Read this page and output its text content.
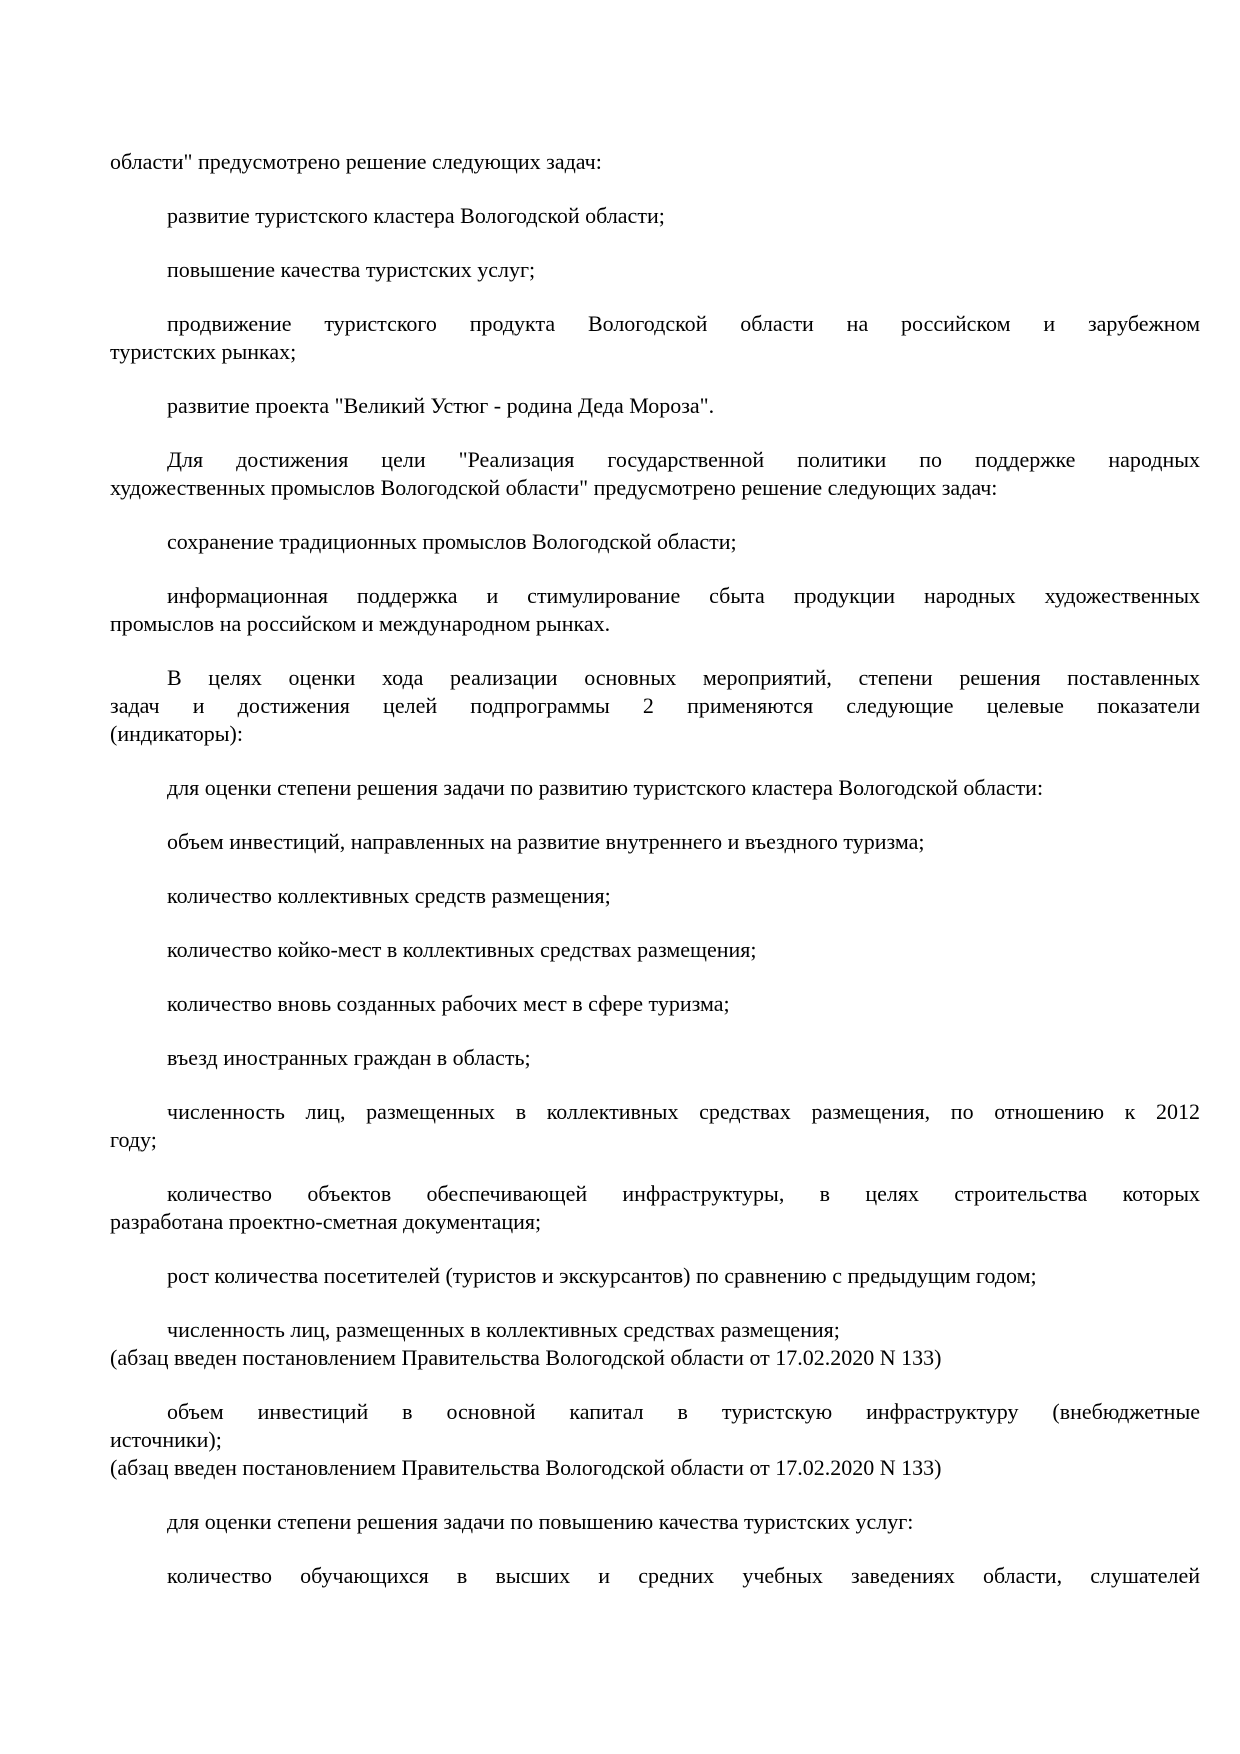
области" предусмотрено решение следующих задач:

развитие туристского кластера Вологодской области;

повышение качества туристских услуг;

продвижение туристского продукта Вологодской области на российском и зарубежном
туристских рынках;

развитие проекта "Великий Устюг - родина Деда Мороза".

Для достижения цели "Реализация государственной политики по поддержке народных
художественных промыслов Вологодской области" предусмотрено решение следующих задач:

сохранение традиционных промыслов Вологодской области;

информационная поддержка и стимулирование сбыта продукции народных художественных
промыслов на российском и международном рынках.

В целях оценки хода реализации основных мероприятий, степени решения поставленных
задач и достижения целей подпрограммы 2 применяются следующие целевые показатели
(индикаторы):

для оценки степени решения задачи по развитию туристского кластера Вологодской области:

объем инвестиций, направленных на развитие внутреннего и въездного туризма;

количество коллективных средств размещения;

количество койко-мест в коллективных средствах размещения;

количество вновь созданных рабочих мест в сфере туризма;

въезд иностранных граждан в область;

численность лиц, размещенных в коллективных средствах размещения, по отношению к 2012
году;

количество объектов обеспечивающей инфраструктуры, в целях строительства которых
разработана проектно-сметная документация;

рост количества посетителей (туристов и экскурсантов) по сравнению с предыдущим годом;

численность лиц, размещенных в коллективных средствах размещения;

(абзац введен постановлением Правительства Вологодской области от 17.02.2020 N 133)

объем инвестиций в основной капитал в туристскую инфраструктуру (внебюджетные
источники);

(абзац введен постановлением Правительства Вологодской области от 17.02.2020 N 133)

для оценки степени решения задачи по повышению качества туристских услуг:

количество обучающихся в высших и средних учебных заведениях области, слушателей
